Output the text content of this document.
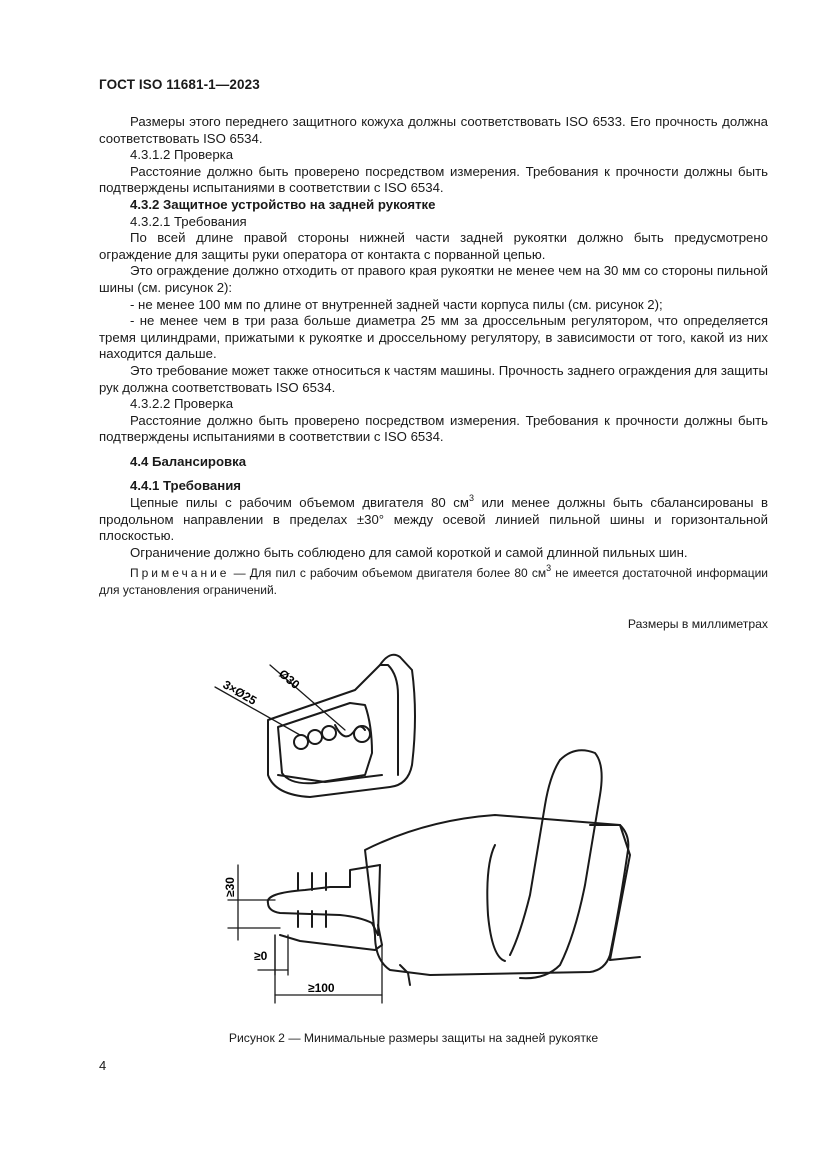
ГОСТ ISO 11681-1—2023

Размеры этого переднего защитного кожуха должны соответствовать ISO 6533. Его прочность должна соответствовать ISO 6534.

4.3.1.2 Проверка

Расстояние должно быть проверено посредством измерения. Требования к прочности должны быть подтверждены испытаниями в соответствии с ISO 6534.

4.3.2 Защитное устройство на задней рукоятке

4.3.2.1 Требования

По всей длине правой стороны нижней части задней рукоятки должно быть предусмотрено ограждение для защиты руки оператора от контакта с порванной цепью.

Это ограждение должно отходить от правого края рукоятки не менее чем на 30 мм со стороны пильной шины (см. рисунок 2):

- не менее 100 мм по длине от внутренней задней части корпуса пилы (см. рисунок 2);

- не менее чем в три раза больше диаметра 25 мм за дроссельным регулятором, что определяется тремя цилиндрами, прижатыми к рукоятке и дроссельному регулятору, в зависимости от того, какой из них находится дальше.

Это требование может также относиться к частям машины. Прочность заднего ограждения для защиты рук должна соответствовать ISO 6534.

4.3.2.2 Проверка

Расстояние должно быть проверено посредством измерения. Требования к прочности должны быть подтверждены испытаниями в соответствии с ISO 6534.

4.4 Балансировка

4.4.1 Требования

Цепные пилы с рабочим объемом двигателя 80 $см^3$ или менее должны быть сбалансированы в продольном направлении в пределах ±30° между осевой линией пильной шины и горизонтальной плоскостью.

Ограничение должно быть соблюдено для самой короткой и самой длинной пильных шин.

Примечание — Для пил с рабочим объемом двигателя более 80 $см^3$ не имеется достаточной информации для установления ограничений.

Размеры в миллиметрах
Ø30
3×Ø25
≥30
≥0
≥100
Рисунок 2 — Минимальные размеры защиты на задней рукоятке
4
